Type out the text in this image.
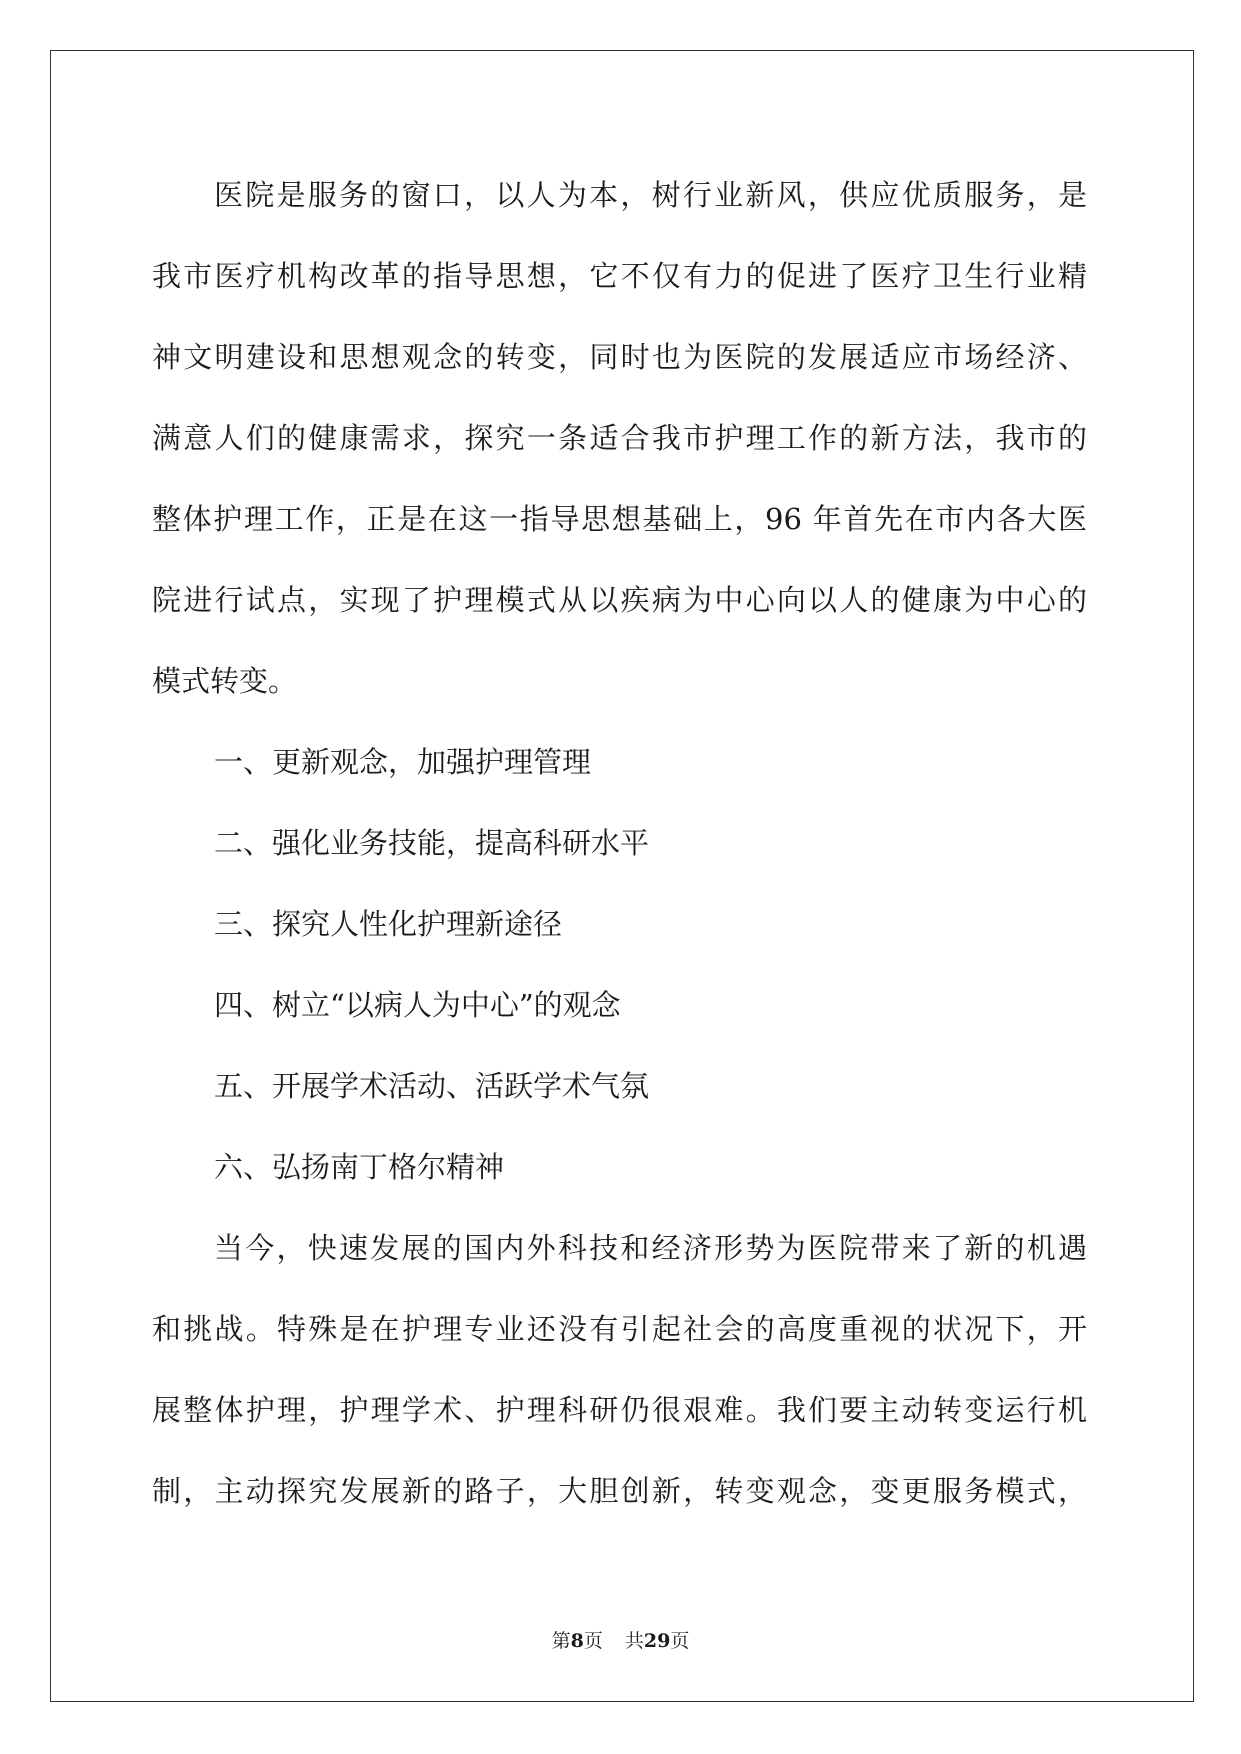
医院是服务的窗口，以人为本，树行业新风，供应优质服务，是
我市医疗机构改革的指导思想，它不仅有力的促进了医疗卫生行业精
神文明建设和思想观念的转变，同时也为医院的发展适应市场经济、
满意人们的健康需求，探究一条适合我市护理工作的新方法，我市的
整体护理工作，正是在这一指导思想基础上，96 年首先在市内各大医
院进行试点，实现了护理模式从以疾病为中心向以人的健康为中心的
模式转变。
一、更新观念，加强护理管理
二、强化业务技能，提高科研水平
三、探究人性化护理新途径
四、树立“以病人为中心”的观念
五、开展学术活动、活跃学术气氛
六、弘扬南丁格尔精神
当今，快速发展的国内外科技和经济形势为医院带来了新的机遇
和挑战。特殊是在护理专业还没有引起社会的高度重视的状况下，开
展整体护理，护理学术、护理科研仍很艰难。我们要主动转变运行机
制，主动探究发展新的路子，大胆创新，转变观念，变更服务模式，
第8页 共29页
